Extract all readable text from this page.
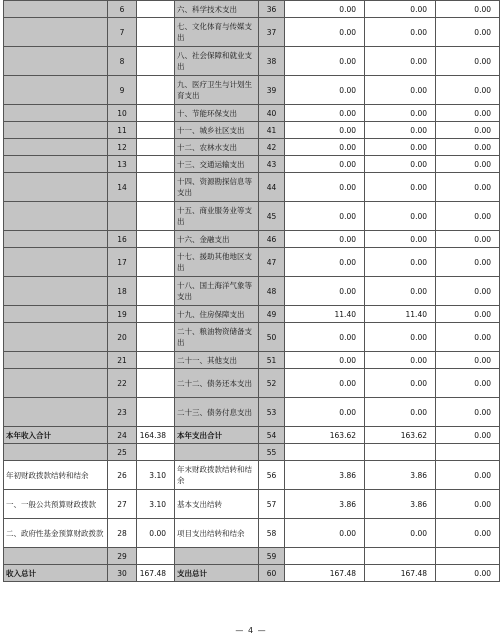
	6		六、科学技术支出	36	0.00	0.00	0.00
	7		七、文化体育与传媒支出	37	0.00	0.00	0.00
	8		八、社会保障和就业支出	38	0.00	0.00	0.00
	9		九、医疗卫生与计划生育支出	39	0.00	0.00	0.00
	10		十、节能环保支出	40	0.00	0.00	0.00
	11		十一、城乡社区支出	41	0.00	0.00	0.00
	12		十二、农林水支出	42	0.00	0.00	0.00
	13		十三、交通运输支出	43	0.00	0.00	0.00
	14		十四、资源勘探信息等支出	44	0.00	0.00	0.00
			十五、商业服务业等支出	45	0.00	0.00	0.00
	16		十六、金融支出	46	0.00	0.00	0.00
	17		十七、援助其他地区支出	47	0.00	0.00	0.00
	18		十八、国土海洋气象等支出	48	0.00	0.00	0.00
	19		十九、住房保障支出	49	11.40	11.40	0.00
	20		二十、粮油物资储备支出	50	0.00	0.00	0.00
	21		二十一、其他支出	51	0.00	0.00	0.00
	22		二十二、债务还本支出	52	0.00	0.00	0.00
	23		二十三、债务付息支出	53	0.00	0.00	0.00
本年收入合计	24	164.38	本年支出合计	54	163.62	163.62	0.00
	25			55			
年初财政拨款结转和结余	26	3.10	年末财政拨款结转和结余	56	3.86	3.86	0.00
一、一般公共预算财政拨款	27	3.10	基本支出结转	57	3.86	3.86	0.00
二、政府性基金预算财政拨款	28	0.00	项目支出结转和结余	58	0.00	0.00	0.00
	29			59			
收入总计	30	167.48	支出总计	60	167.48	167.48	0.00
— 4 —
